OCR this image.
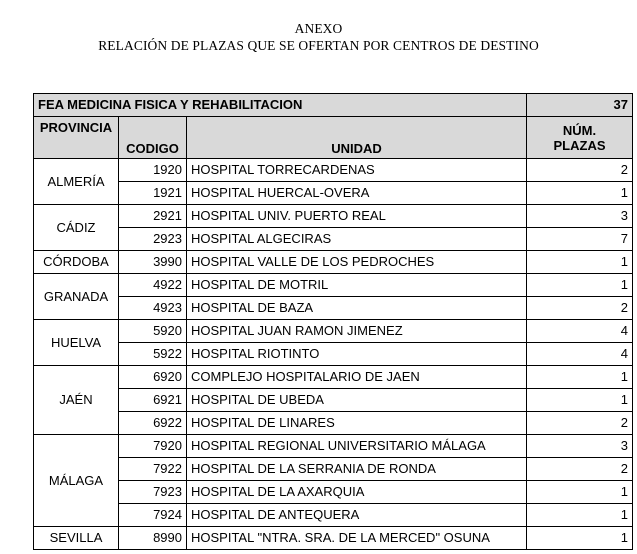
ANEXO
RELACIÓN DE PLAZAS QUE SE OFERTAN POR CENTROS DE DESTINO
FEA MEDICINA FISICA Y REHABILITACION			37
PROVINCIA	CODIGO	UNIDAD	NÚM.
PLAZAS

ALMERÍA	1920	HOSPITAL TORRECARDENAS	2
	1921	HOSPITAL HUERCAL-OVERA	1
CÁDIZ	2921	HOSPITAL UNIV. PUERTO REAL	3
	2923	HOSPITAL ALGECIRAS	7
CÓRDOBA	3990	HOSPITAL VALLE DE LOS PEDROCHES	1
GRANADA	4922	HOSPITAL DE MOTRIL	1
	4923	HOSPITAL DE BAZA	2
HUELVA	5920	HOSPITAL JUAN RAMON JIMENEZ	4
	5922	HOSPITAL RIOTINTO	4
JAÉN	6920	COMPLEJO HOSPITALARIO DE JAEN	1
	6921	HOSPITAL DE UBEDA	1
	6922	HOSPITAL DE LINARES	2
MÁLAGA	7920	HOSPITAL REGIONAL UNIVERSITARIO MÁLAGA	3
	7922	HOSPITAL DE LA SERRANIA DE RONDA	2
	7923	HOSPITAL DE LA AXARQUIA	1
	7924	HOSPITAL DE ANTEQUERA	1
SEVILLA	8990	HOSPITAL "NTRA. SRA. DE LA MERCED" OSUNA	1
